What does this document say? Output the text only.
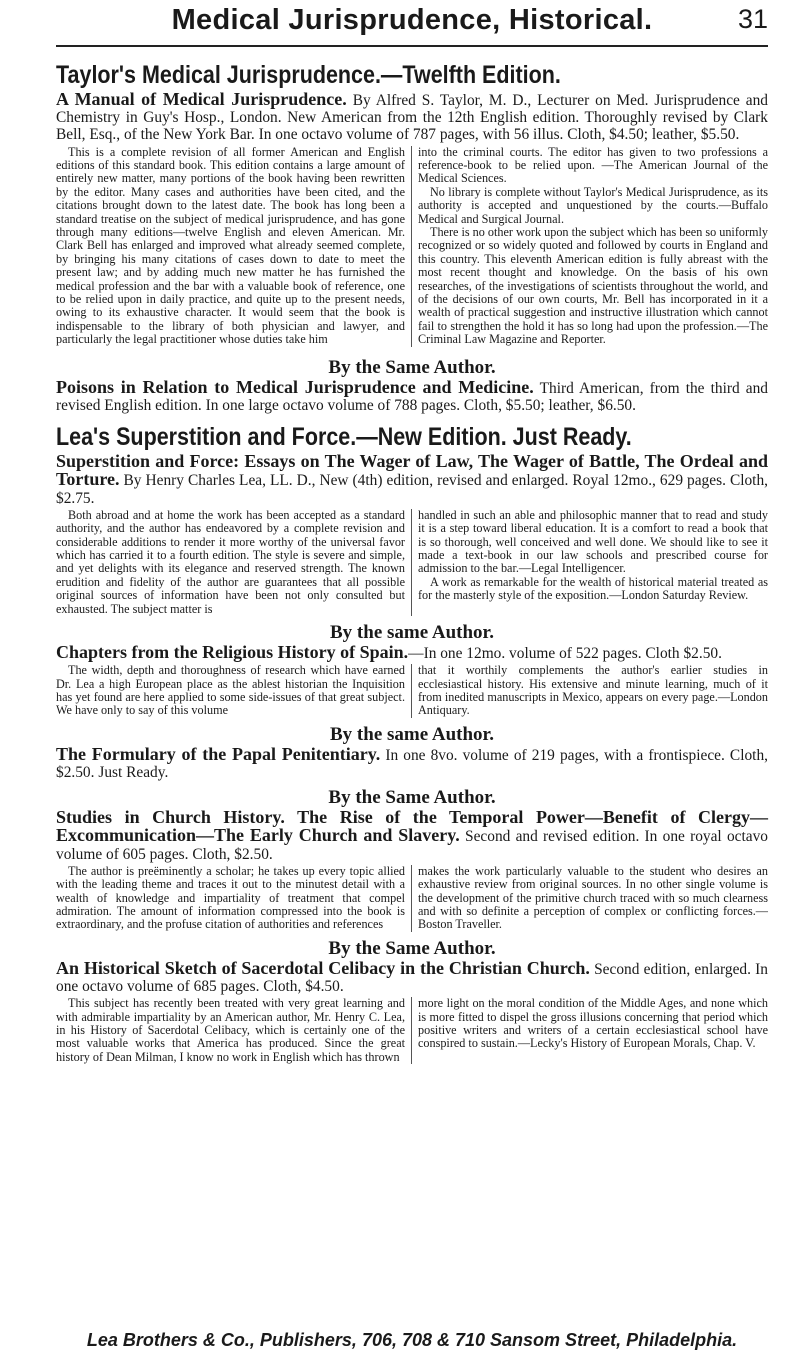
Medical Jurisprudence, Historical.	31
Taylor's Medical Jurisprudence.—Twelfth Edition.

A Manual of Medical Jurisprudence. By Alfred S. Taylor, M. D., Lecturer on Med. Jurisprudence and Chemistry in Guy's Hosp., London. New American from the 12th English edition. Thoroughly revised by Clark Bell, Esq., of the New York Bar. In one octavo volume of 787 pages, with 56 illus. Cloth, $4.50; leather, $5.50.

This is a complete revision of all former American and English editions of this standard book. This edition contains a large amount of entirely new matter, many portions of the book having been rewritten by the editor. Many cases and authorities have been cited, and the citations brought down to the latest date. The book has long been a standard treatise on the subject of medical jurisprudence, and has gone through many editions—twelve English and eleven American. Mr. Clark Bell has enlarged and improved what already seemed complete, by bringing his many citations of cases down to date to meet the present law; and by adding much new matter he has furnished the medical profession and the bar with a valuable book of reference, one to be relied upon in daily practice, and quite up to the present needs, owing to its exhaustive character. It would seem that the book is indispensable to the library of both physician and lawyer, and particularly the legal practitioner whose duties take him

into the criminal courts. The editor has given to two professions a reference-book to be relied upon. —The American Journal of the Medical Sciences.

No library is complete without Taylor's Medical Jurisprudence, as its authority is accepted and unquestioned by the courts.—Buffalo Medical and Surgical Journal.

There is no other work upon the subject which has been so uniformly recognized or so widely quoted and followed by courts in England and this country. This eleventh American edition is fully abreast with the most recent thought and knowledge. On the basis of his own researches, of the investigations of scientists throughout the world, and of the decisions of our own courts, Mr. Bell has incorporated in it a wealth of practical suggestion and instructive illustration which cannot fail to strengthen the hold it has so long had upon the profession.—The Criminal Law Magazine and Reporter.

By the Same Author.

Poisons in Relation to Medical Jurisprudence and Medicine. Third American, from the third and revised English edition. In one large octavo volume of 788 pages. Cloth, $5.50; leather, $6.50.

Lea's Superstition and Force.—New Edition. Just Ready.

Superstition and Force: Essays on The Wager of Law, The Wager of Battle, The Ordeal and Torture. By Henry Charles Lea, LL. D., New (4th) edition, revised and enlarged. Royal 12mo., 629 pages. Cloth, $2.75.

Both abroad and at home the work has been accepted as a standard authority, and the author has endeavored by a complete revision and considerable additions to render it more worthy of the universal favor which has carried it to a fourth edition. The style is severe and simple, and yet delights with its elegance and reserved strength. The known erudition and fidelity of the author are guarantees that all possible original sources of information have been not only consulted but exhausted. The subject matter is

handled in such an able and philosophic manner that to read and study it is a step toward liberal education. It is a comfort to read a book that is so thorough, well conceived and well done. We should like to see it made a text-book in our law schools and prescribed course for admission to the bar.—Legal Intelligencer.

A work as remarkable for the wealth of historical material treated as for the masterly style of the exposition.—London Saturday Review.

By the same Author.

Chapters from the Religious History of Spain.—In one 12mo. volume of 522 pages. Cloth $2.50.

The width, depth and thoroughness of research which have earned Dr. Lea a high European place as the ablest historian the Inquisition has yet found are here applied to some side-issues of that great subject. We have only to say of this volume

that it worthily complements the author's earlier studies in ecclesiastical history. His extensive and minute learning, much of it from inedited manuscripts in Mexico, appears on every page.—London Antiquary.

By the same Author.

The Formulary of the Papal Penitentiary. In one 8vo. volume of 219 pages, with a frontispiece. Cloth, $2.50. Just Ready.

By the Same Author.

Studies in Church History. The Rise of the Temporal Power—Benefit of Clergy—Excommunication—The Early Church and Slavery. Second and revised edition. In one royal octavo volume of 605 pages. Cloth, $2.50.

The author is preëminently a scholar; he takes up every topic allied with the leading theme and traces it out to the minutest detail with a wealth of knowledge and impartiality of treatment that compel admiration. The amount of information compressed into the book is extraordinary, and the profuse citation of authorities and references

makes the work particularly valuable to the student who desires an exhaustive review from original sources. In no other single volume is the development of the primitive church traced with so much clearness and with so definite a perception of complex or conflicting forces.—Boston Traveller.

By the Same Author.

An Historical Sketch of Sacerdotal Celibacy in the Christian Church. Second edition, enlarged. In one octavo volume of 685 pages. Cloth, $4.50.

This subject has recently been treated with very great learning and with admirable impartiality by an American author, Mr. Henry C. Lea, in his History of Sacerdotal Celibacy, which is certainly one of the most valuable works that America has produced. Since the great history of Dean Milman, I know no work in English which has thrown

more light on the moral condition of the Middle Ages, and none which is more fitted to dispel the gross illusions concerning that period which positive writers and writers of a certain ecclesiastical school have conspired to sustain.—Lecky's History of European Morals, Chap. V.

Lea Brothers & Co., Publishers, 706, 708 & 710 Sansom Street, Philadelphia.
